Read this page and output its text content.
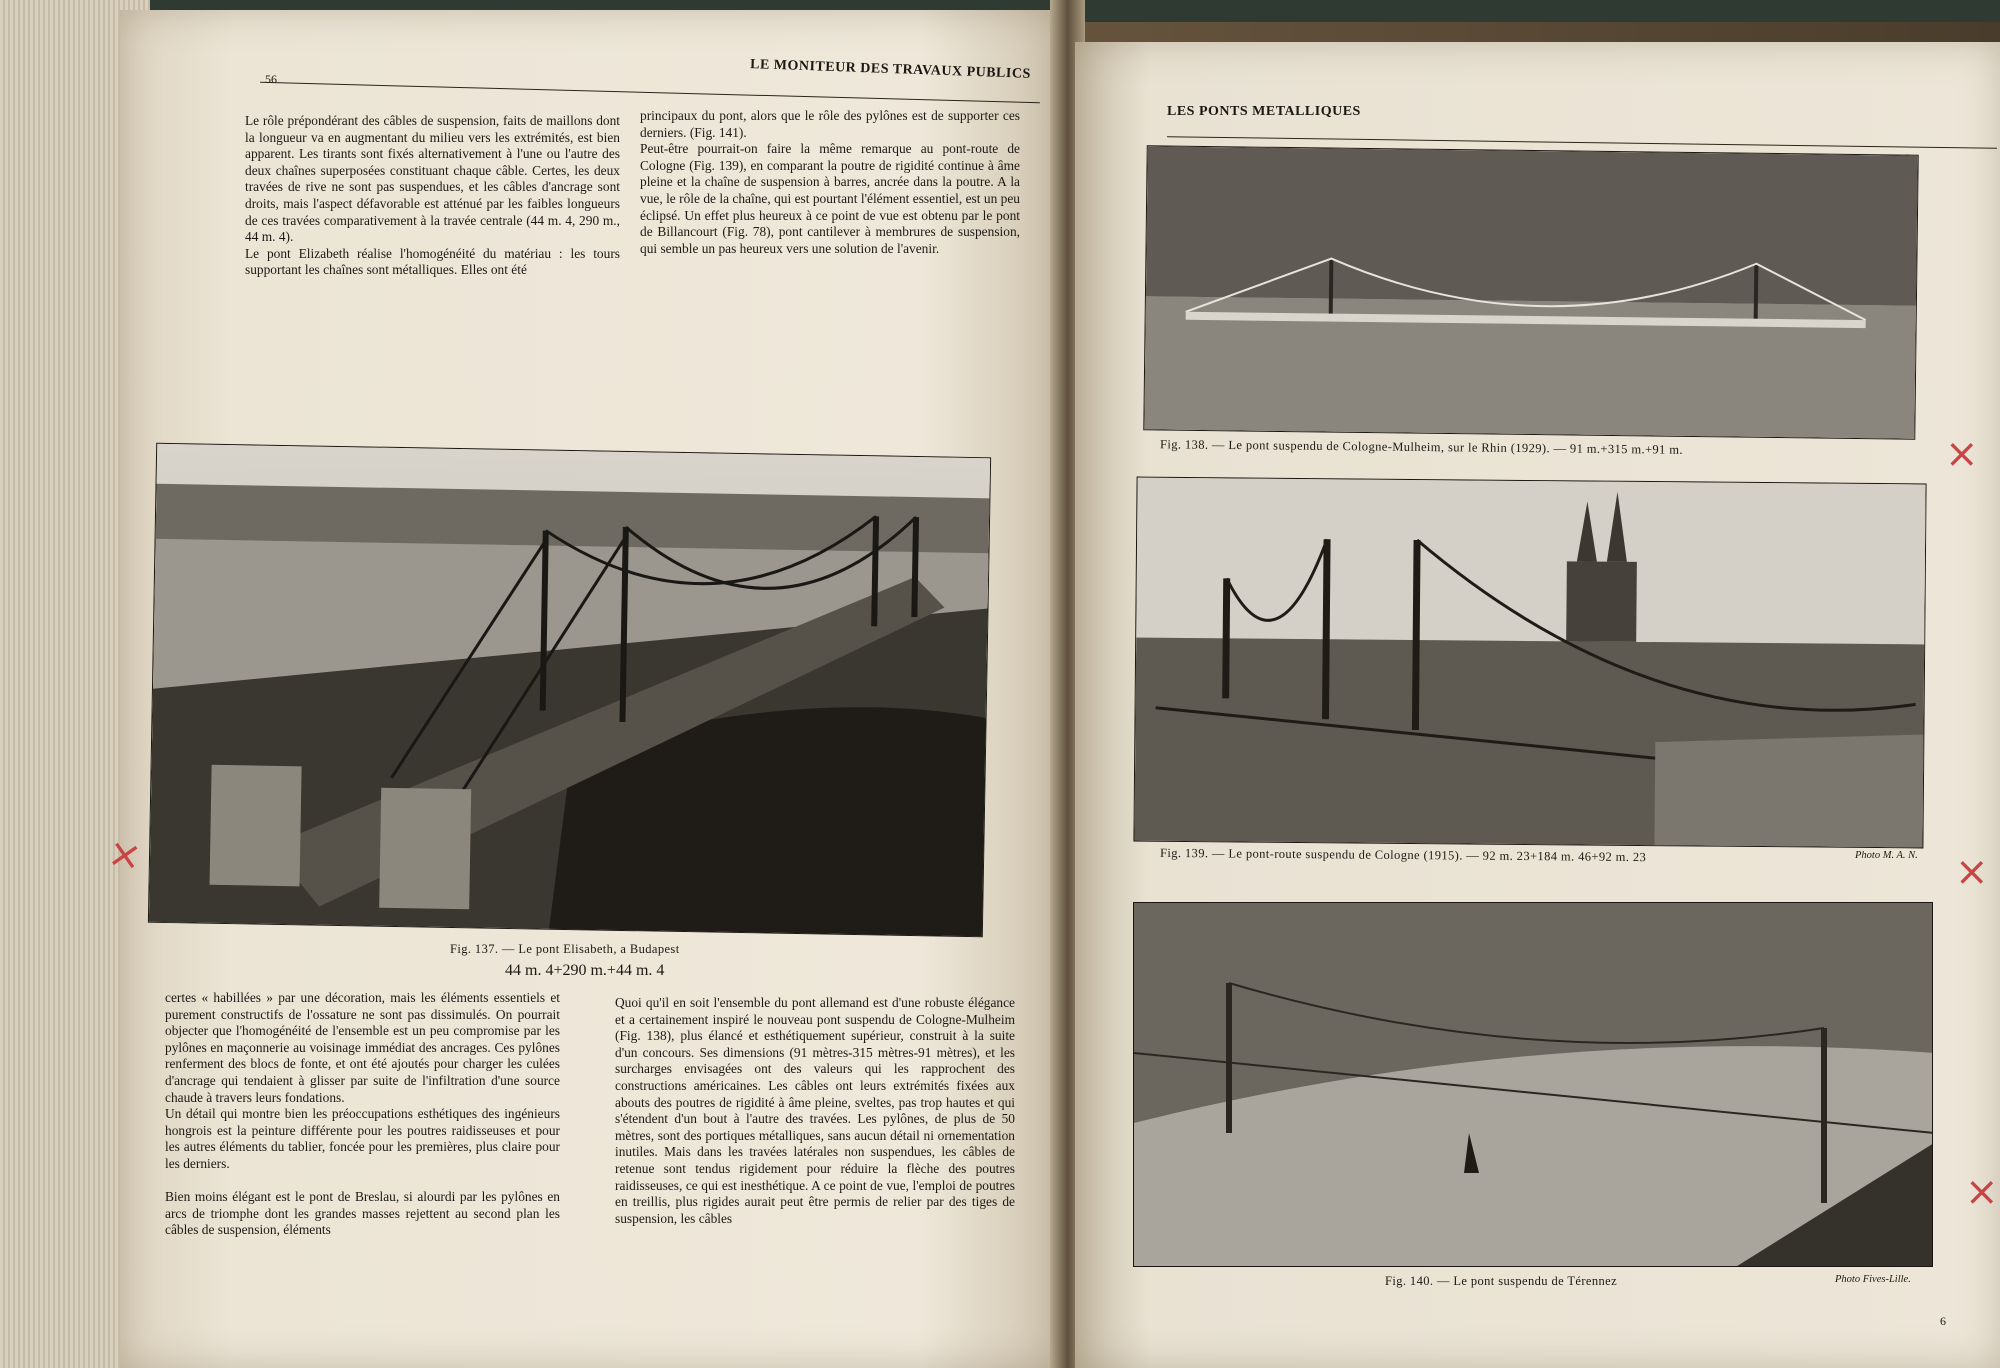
56	LE MONITEUR DES TRAVAUX PUBLICS
Le rôle prépondérant des câbles de suspension, faits de maillons dont la longueur va en augmentant du milieu vers les extrémités, est bien apparent. Les tirants sont fixés alternativement à l'une ou l'autre des deux chaînes superposées constituant chaque câble. Certes, les deux travées de rive ne sont pas suspendues, et les câbles d'ancrage sont droits, mais l'aspect défavorable est atténué par les faibles longueurs de ces travées comparativement à la travée centrale (44 m. 4, 290 m., 44 m. 4).
Le pont Elizabeth réalise l'homogénéité du matériau : les tours supportant les chaînes sont métalliques. Elles ont été
principaux du pont, alors que le rôle des pylônes est de supporter ces derniers. (Fig. 141).
Peut-être pourrait-on faire la même remarque au pont-route de Cologne (Fig. 139), en comparant la poutre de rigidité continue à âme pleine et la chaîne de suspension à barres, ancrée dans la poutre. A la vue, le rôle de la chaîne, qui est pourtant l'élément essentiel, est un peu éclipsé. Un effet plus heureux à ce point de vue est obtenu par le pont de Billancourt (Fig. 78), pont cantilever à membrures de suspension, qui semble un pas heureux vers une solution de l'avenir.
Fig. 137. — Le pont Elisabeth, a Budapest
44 m. 4+290 m.+44 m. 4
certes « habillées » par une décoration, mais les éléments essentiels et purement constructifs de l'ossature ne sont pas dissimulés. On pourrait objecter que l'homogénéité de l'ensemble est un peu compromise par les pylônes en maçonnerie au voisinage immédiat des ancrages. Ces pylônes renferment des blocs de fonte, et ont été ajoutés pour charger les culées d'ancrage qui tendaient à glisser par suite de l'infiltration d'une source chaude à travers leurs fondations.
Un détail qui montre bien les préoccupations esthétiques des ingénieurs hongrois est la peinture différente pour les poutres raidisseuses et pour les autres éléments du tablier, foncée pour les premières, plus claire pour les derniers.

Bien moins élégant est le pont de Breslau, si alourdi par les pylônes en arcs de triomphe dont les grandes masses rejettent au second plan les câbles de suspension, éléments
Quoi qu'il en soit l'ensemble du pont allemand est d'une robuste élégance et a certainement inspiré le nouveau pont suspendu de Cologne-Mulheim (Fig. 138), plus élancé et esthétiquement supérieur, construit à la suite d'un concours. Ses dimensions (91 mètres-315 mètres-91 mètres), et les surcharges envisagées ont des valeurs qui les rapprochent des constructions américaines. Les câbles ont leurs extrémités fixées aux abouts des poutres de rigidité à âme pleine, sveltes, pas trop hautes et qui s'étendent d'un bout à l'autre des travées. Les pylônes, de plus de 50 mètres, sont des portiques métalliques, sans aucun détail ni ornementation inutiles. Mais dans les travées latérales non suspendues, les câbles de retenue sont tendus rigidement pour réduire la flèche des poutres raidisseuses, ce qui est inesthétique. A ce point de vue, l'emploi de poutres en treillis, plus rigides aurait peut être permis de relier par des tiges de suspension, les câbles
×
LES PONTS METALLIQUES
Fig. 138. — Le pont suspendu de Cologne-Mulheim, sur le Rhin (1929). — 91 m.+315 m.+91 m.
Fig. 139. — Le pont-route suspendu de Cologne (1915). — 92 m. 23+184 m. 46+92 m. 23	Photo M. A. N.
Fig. 140. — Le pont suspendu de Térennez	Photo Fives-Lille.
6
×
×
×
